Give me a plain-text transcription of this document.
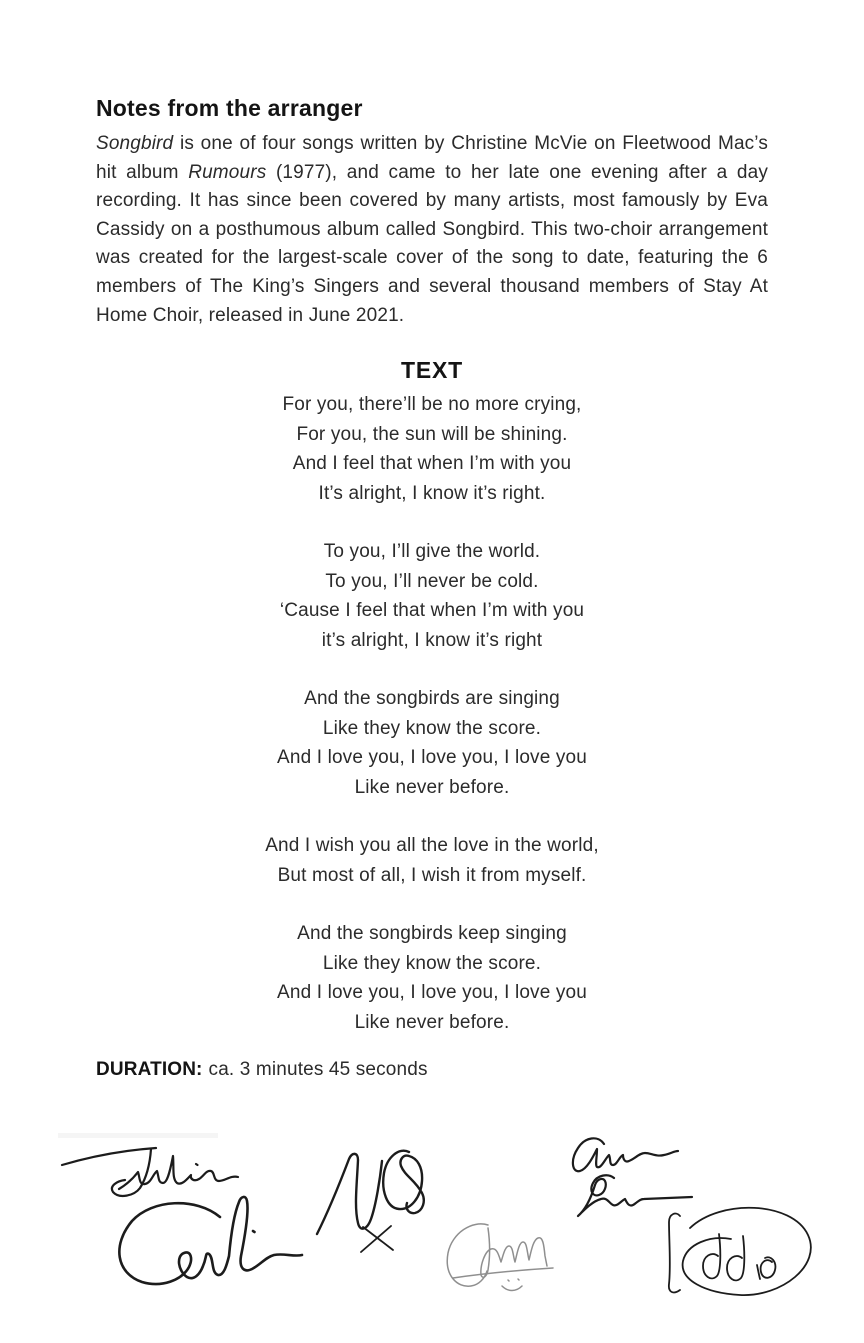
Notes from the arranger

Songbird is one of four songs written by Christine McVie on Fleetwood Mac’s hit album Rumours (1977), and came to her late one evening after a day recording. It has since been covered by many artists, most famously by Eva Cassidy on a posthumous album called Songbird. This two-choir arrangement was created for the largest-scale cover of the song to date, featuring the 6 members of The King’s Singers and several thousand members of Stay At Home Choir, released in June 2021.

TEXT
For you, there’ll be no more crying,
For you, the sun will be shining.
And I feel that when I’m with you
It’s alright, I know it’s right.
To you, I’ll give the world.
To you, I’ll never be cold.
‘Cause I feel that when I’m with you
it’s alright, I know it’s right
And the songbirds are singing
Like they know the score.
And I love you, I love you, I love you
Like never before.
And I wish you all the love in the world,
But most of all, I wish it from myself.
And the songbirds keep singing
Like they know the score.
And I love you, I love you, I love you
Like never before.

DURATION: ca. 3 minutes 45 seconds
